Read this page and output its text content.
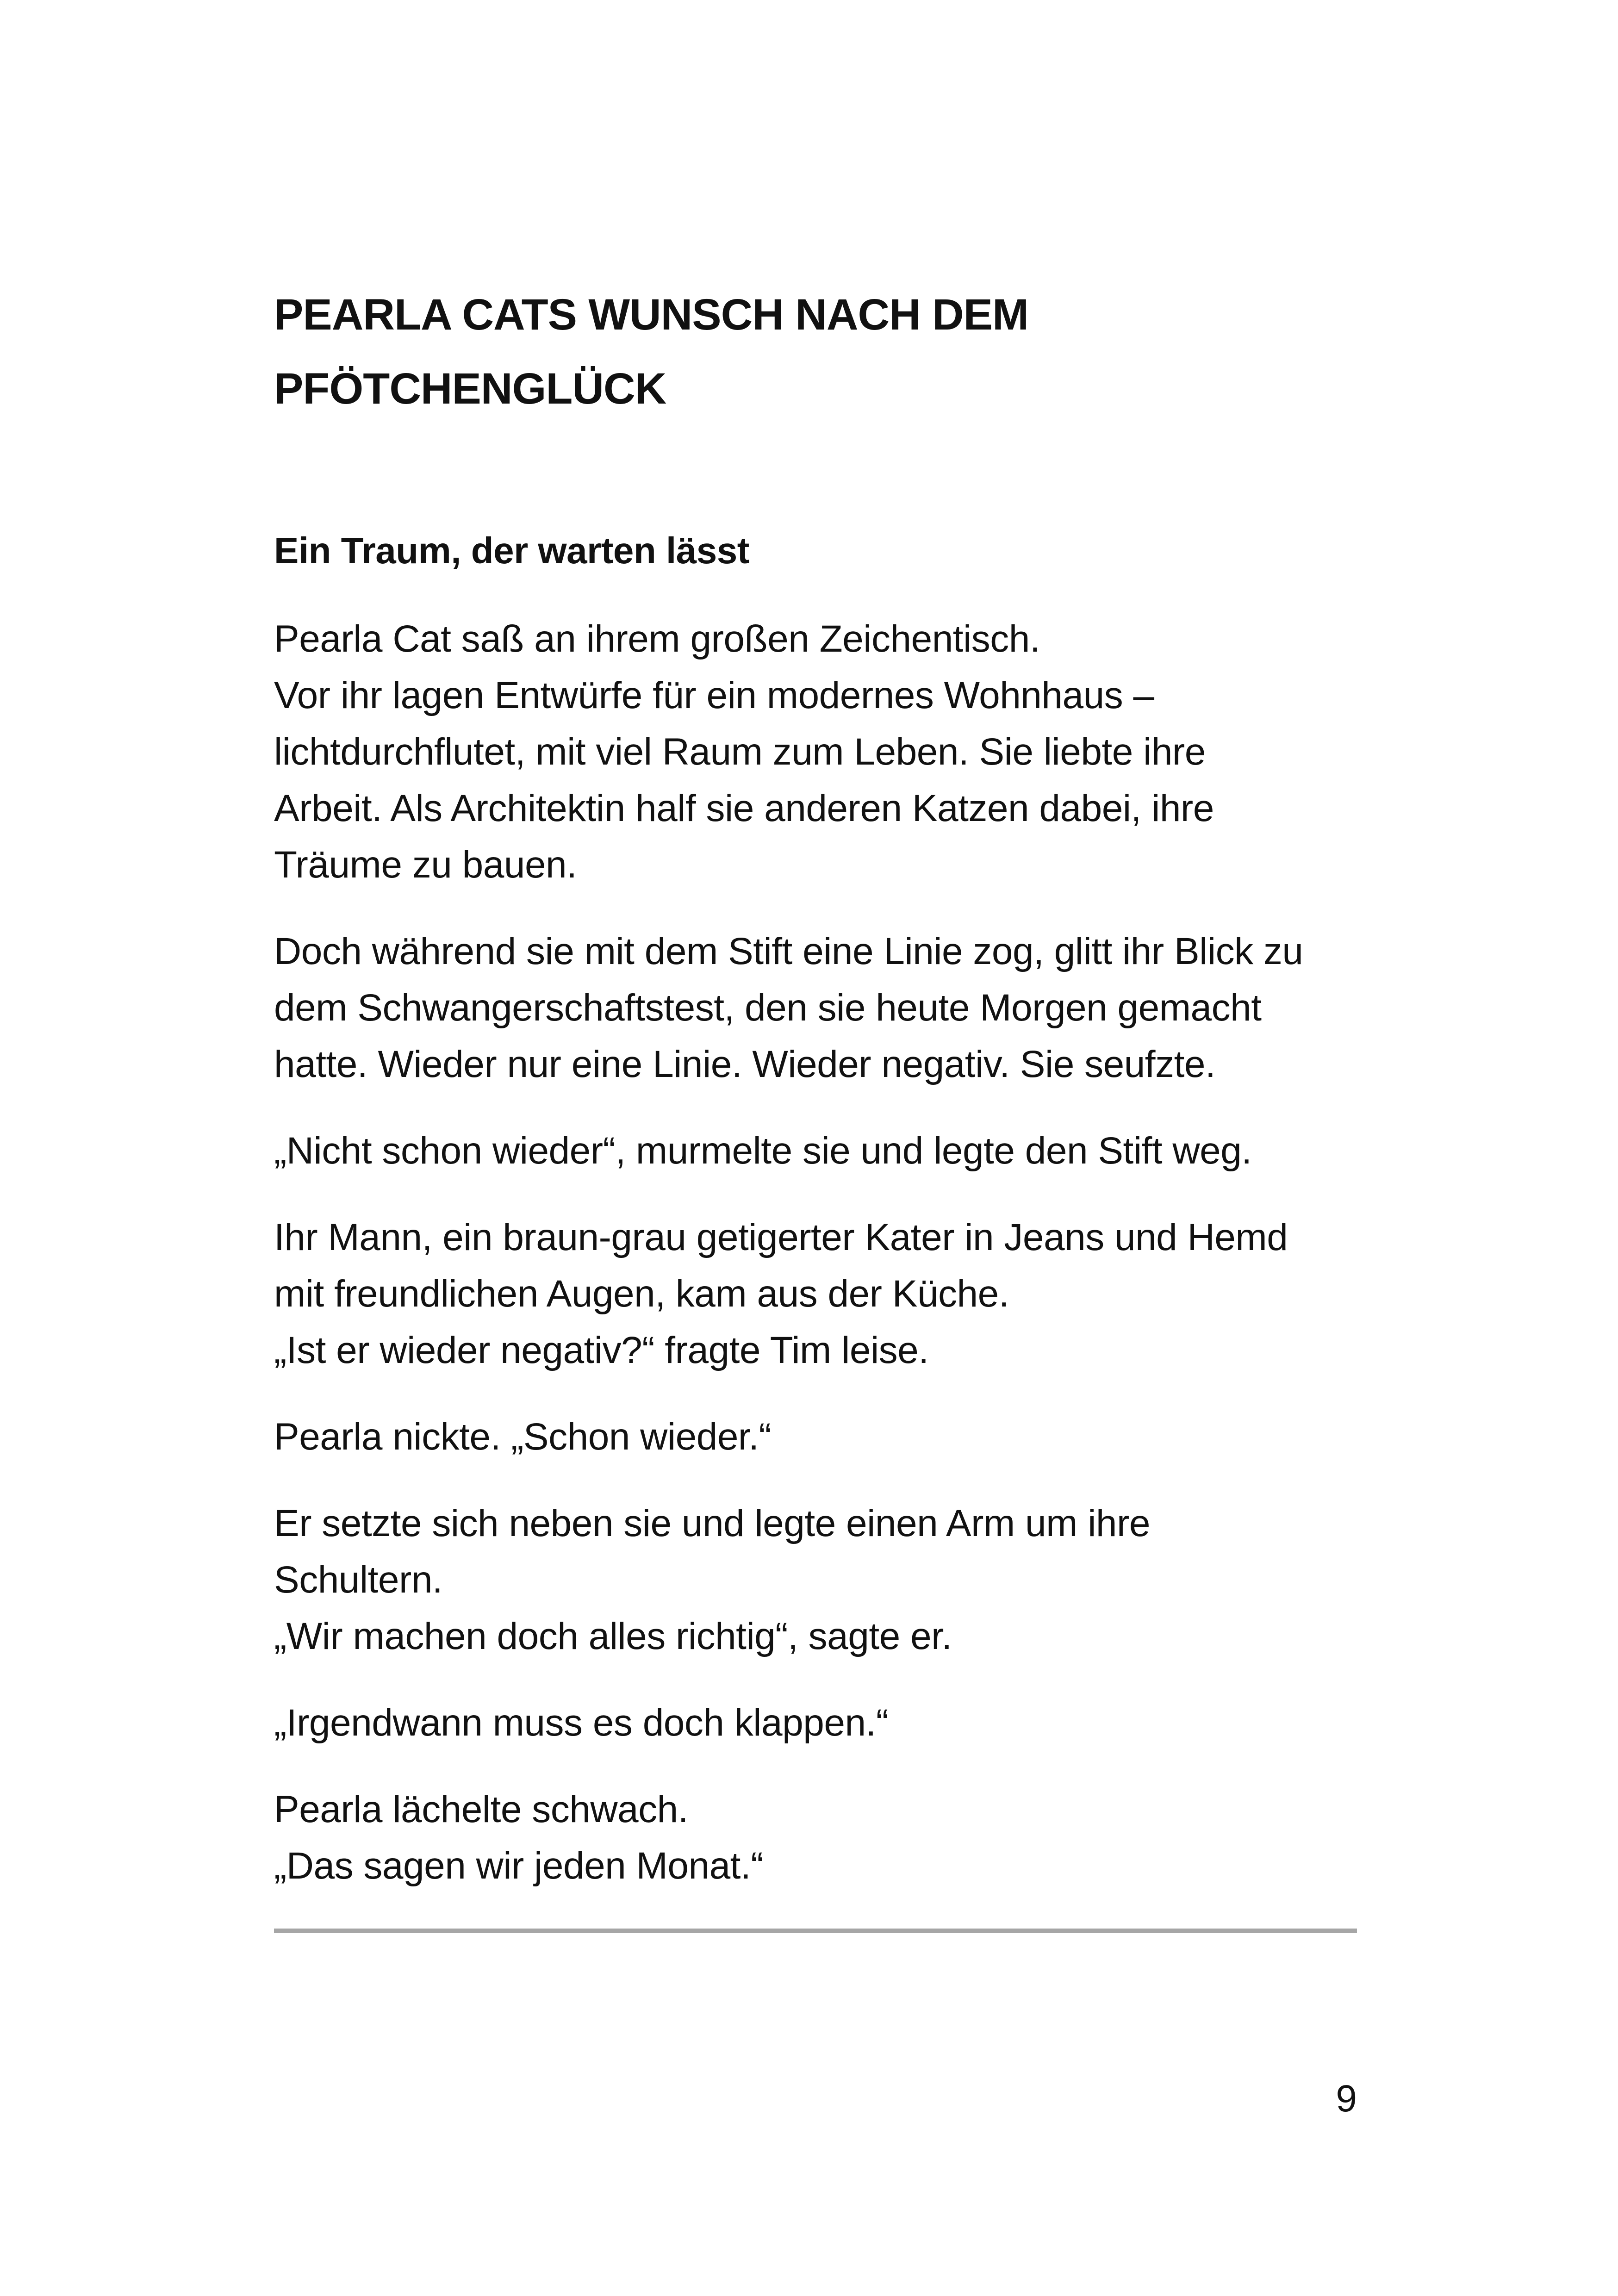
PEARLA CATS WUNSCH NACH DEM
PFÖTCHENGLÜCK
Ein Traum, der warten lässt

Pearla Cat saß an ihrem großen Zeichentisch.
Vor ihr lagen Entwürfe für ein modernes Wohnhaus –
lichtdurchflutet, mit viel Raum zum Leben. Sie liebte ihre
Arbeit. Als Architektin half sie anderen Katzen dabei, ihre
Träume zu bauen.

Doch während sie mit dem Stift eine Linie zog, glitt ihr Blick zu
dem Schwangerschaftstest, den sie heute Morgen gemacht
hatte. Wieder nur eine Linie. Wieder negativ. Sie seufzte.

„Nicht schon wieder“, murmelte sie und legte den Stift weg.

Ihr Mann, ein braun-grau getigerter Kater in Jeans und Hemd
mit freundlichen Augen, kam aus der Küche.
„Ist er wieder negativ?“ fragte Tim leise.

Pearla nickte. „Schon wieder.“

Er setzte sich neben sie und legte einen Arm um ihre
Schultern.
„Wir machen doch alles richtig“, sagte er.

„Irgendwann muss es doch klappen.“

Pearla lächelte schwach.
„Das sagen wir jeden Monat.“

9
